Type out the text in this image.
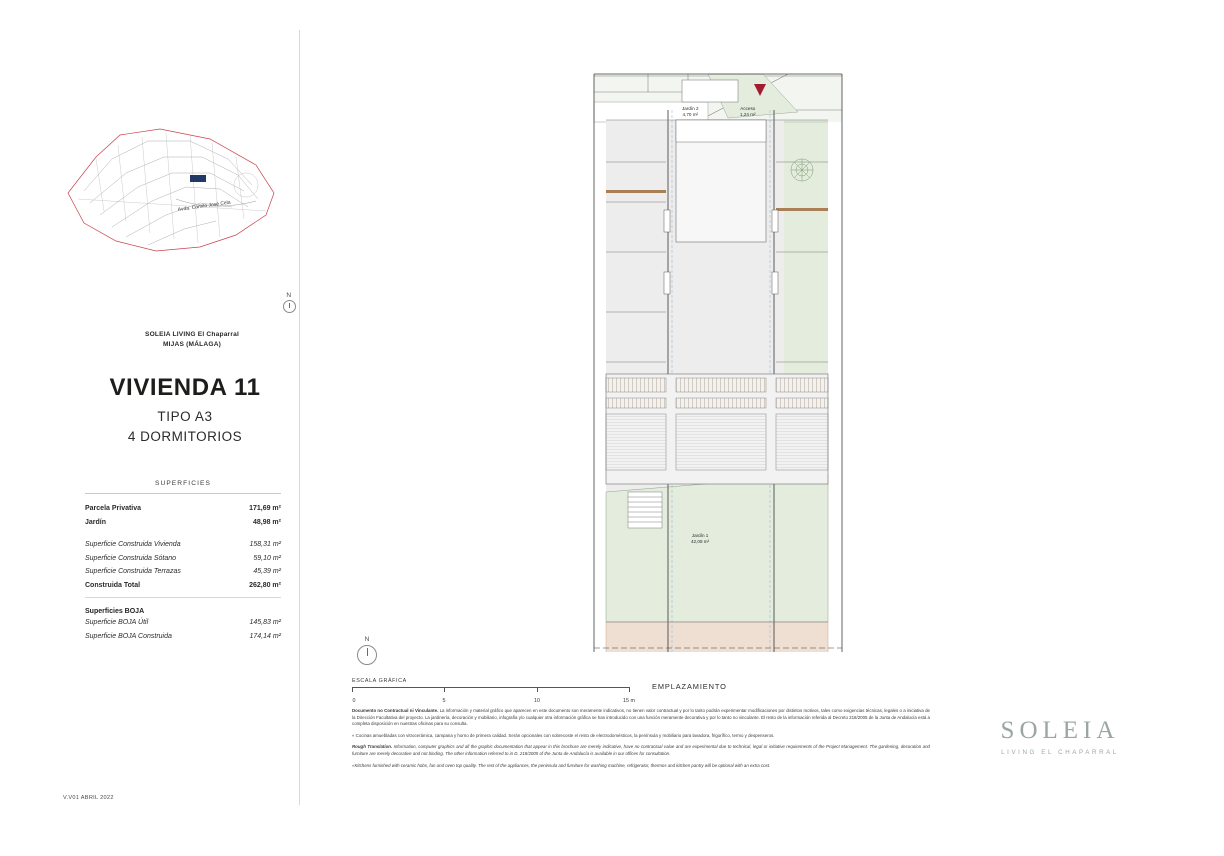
Avda. Camilo José Cela
N
SOLEIA LIVING El Chaparral
MIJAS (MÁLAGA)
VIVIENDA 11
TIPO A3
4 DORMITORIOS
SUPERFICIES
Parcela Privativa	171,69 m²
Jardín	48,98 m²
Superficie Construida Vivienda	158,31 m²
Superficie Construida Sótano	59,10 m²
Superficie Construida Terrazas	45,39 m²
Construida Total	262,80 m²
Superficies BOJA
Superficie BOJA Útil	145,83 m²
Superficie BOJA Construida	174,14 m²
V.V01 ABRIL 2022
Jardín 2
4,70 m²
Acceso
1,24 m²
Jardín 1
42,08 m²
N
ESCALA GRÁFICA
0	5	10	15 m
EMPLAZAMIENTO

Documento no Contractual ni Vinculante. La información y material gráfico que aparecen en este documento son meramente indicativos, no tienen valor contractual y por lo tanto podrán experimentar modificaciones por distintos motivos, tales como exigencias técnicas, legales o a iniciativa de la Dirección Facultativa del proyecto. La jardinería, decoración y mobiliario, infografía y/o cualquier otra información gráfica se han introducido con una función meramente decorativa y por lo tanto no vinculante. El resto de la información referida al Decreto 218/2005 de la Junta de Andalucía está a completa disposición en nuestras oficinas para su consulta.

« Cocinas amuebladas con vitrocerámica, campana y horno de primera calidad. Serán opcionales con sobrecoste el resto de electrodomésticos, la península y mobiliario para lavadora, frigorífico, termo y despenseros.

Rough Translation. Information, computer graphics and all the graphic documentation that appear in this brochure are merely indicative, have no contractual value and are experimental due to technical, legal or initiative requirements of the Project Management. The gardening, decoration and furniture are merely decorative and not binding. The other information referred to in D. 218/2005 of the Junta de Andalucía is available in our offices for consultation.

«Kitchens furnished with ceramic hobs, fan and oven top quality. The rest of the appliances, the peninsula and furniture for washing machine, refrigerator, thermos and kitchen pantry will be optional with an extra cost.

SOLEIA
LIVING EL CHAPARRAL
